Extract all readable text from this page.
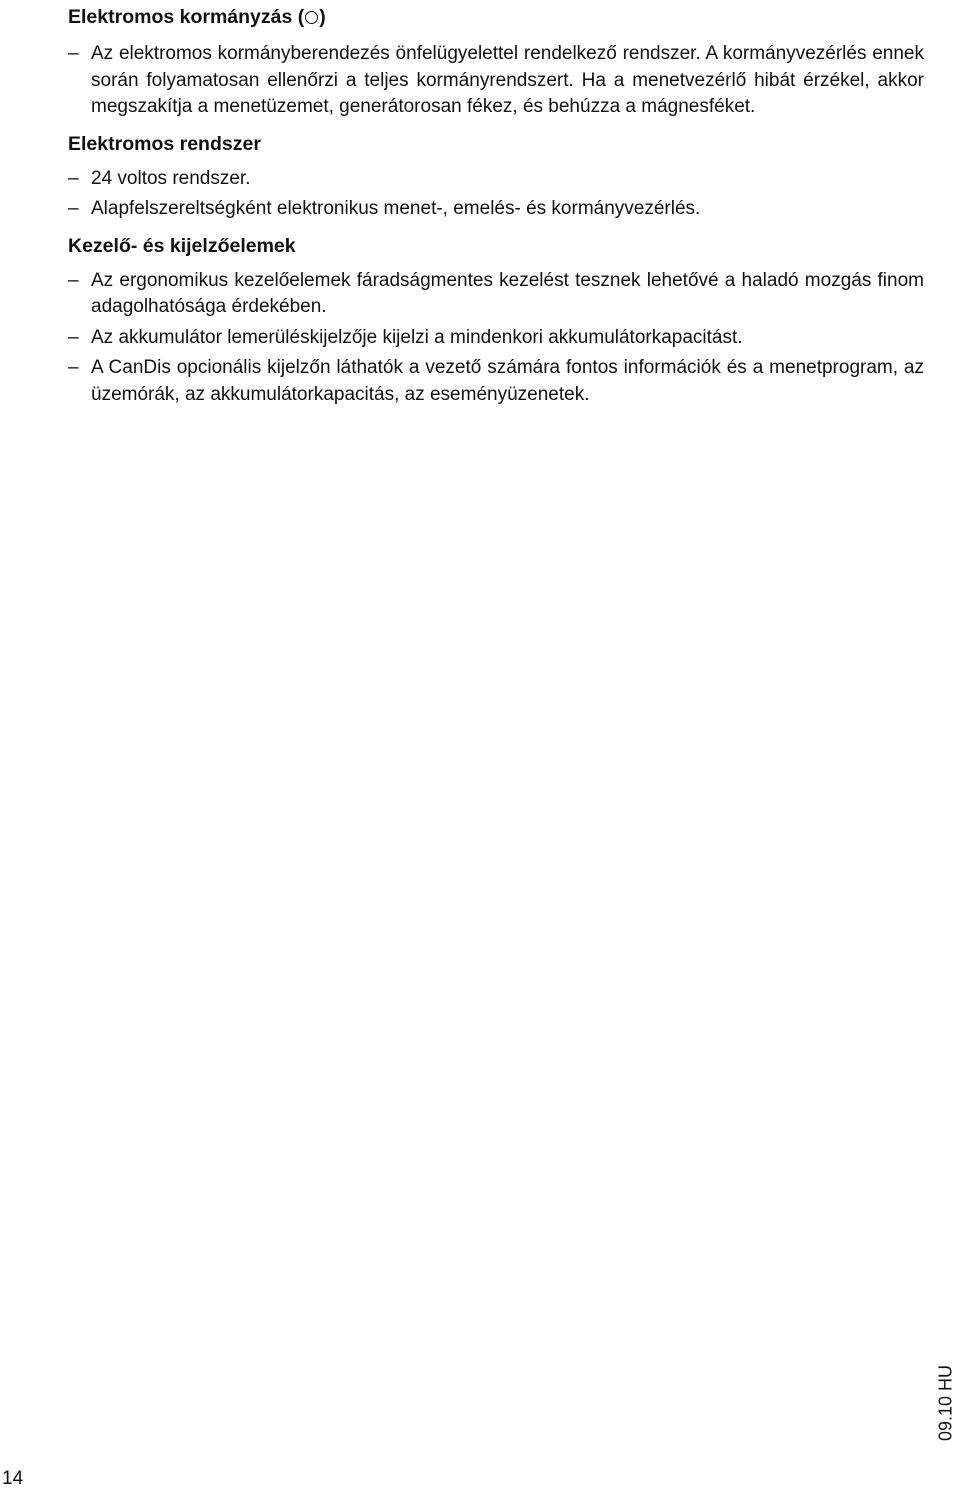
Elektromos kormányzás ( )
– Az elektromos kormányberendezés önfelügyelettel rendelkező rendszer. A kormányvezérlés ennek során folyamatosan ellenőrzi a teljes kormányrendszert. Ha a menetvezérlő hibát érzékel, akkor megszakítja a menetüzemet, generátorosan fékez, és behúzza a mágnesféket.
Elektromos rendszer
– 24 voltos rendszer.
– Alapfelszereltségként elektronikus menet-, emelés- és kormányvezérlés.
Kezelő- és kijelzőelemek
– Az ergonomikus kezelőelemek fáradságmentes kezelést tesznek lehetővé a haladó mozgás finom adagolhatósága érdekében.
– Az akkumulátor lemerüléskijelzője kijelzi a mindenkori akkumulátorkapacitást.
– A CanDis opcionális kijelzőn láthatók a vezető számára fontos információk és a menetprogram, az üzemórák, az akkumulátorkapacitás, az eseményüzenetek.
09.10 HU
14
